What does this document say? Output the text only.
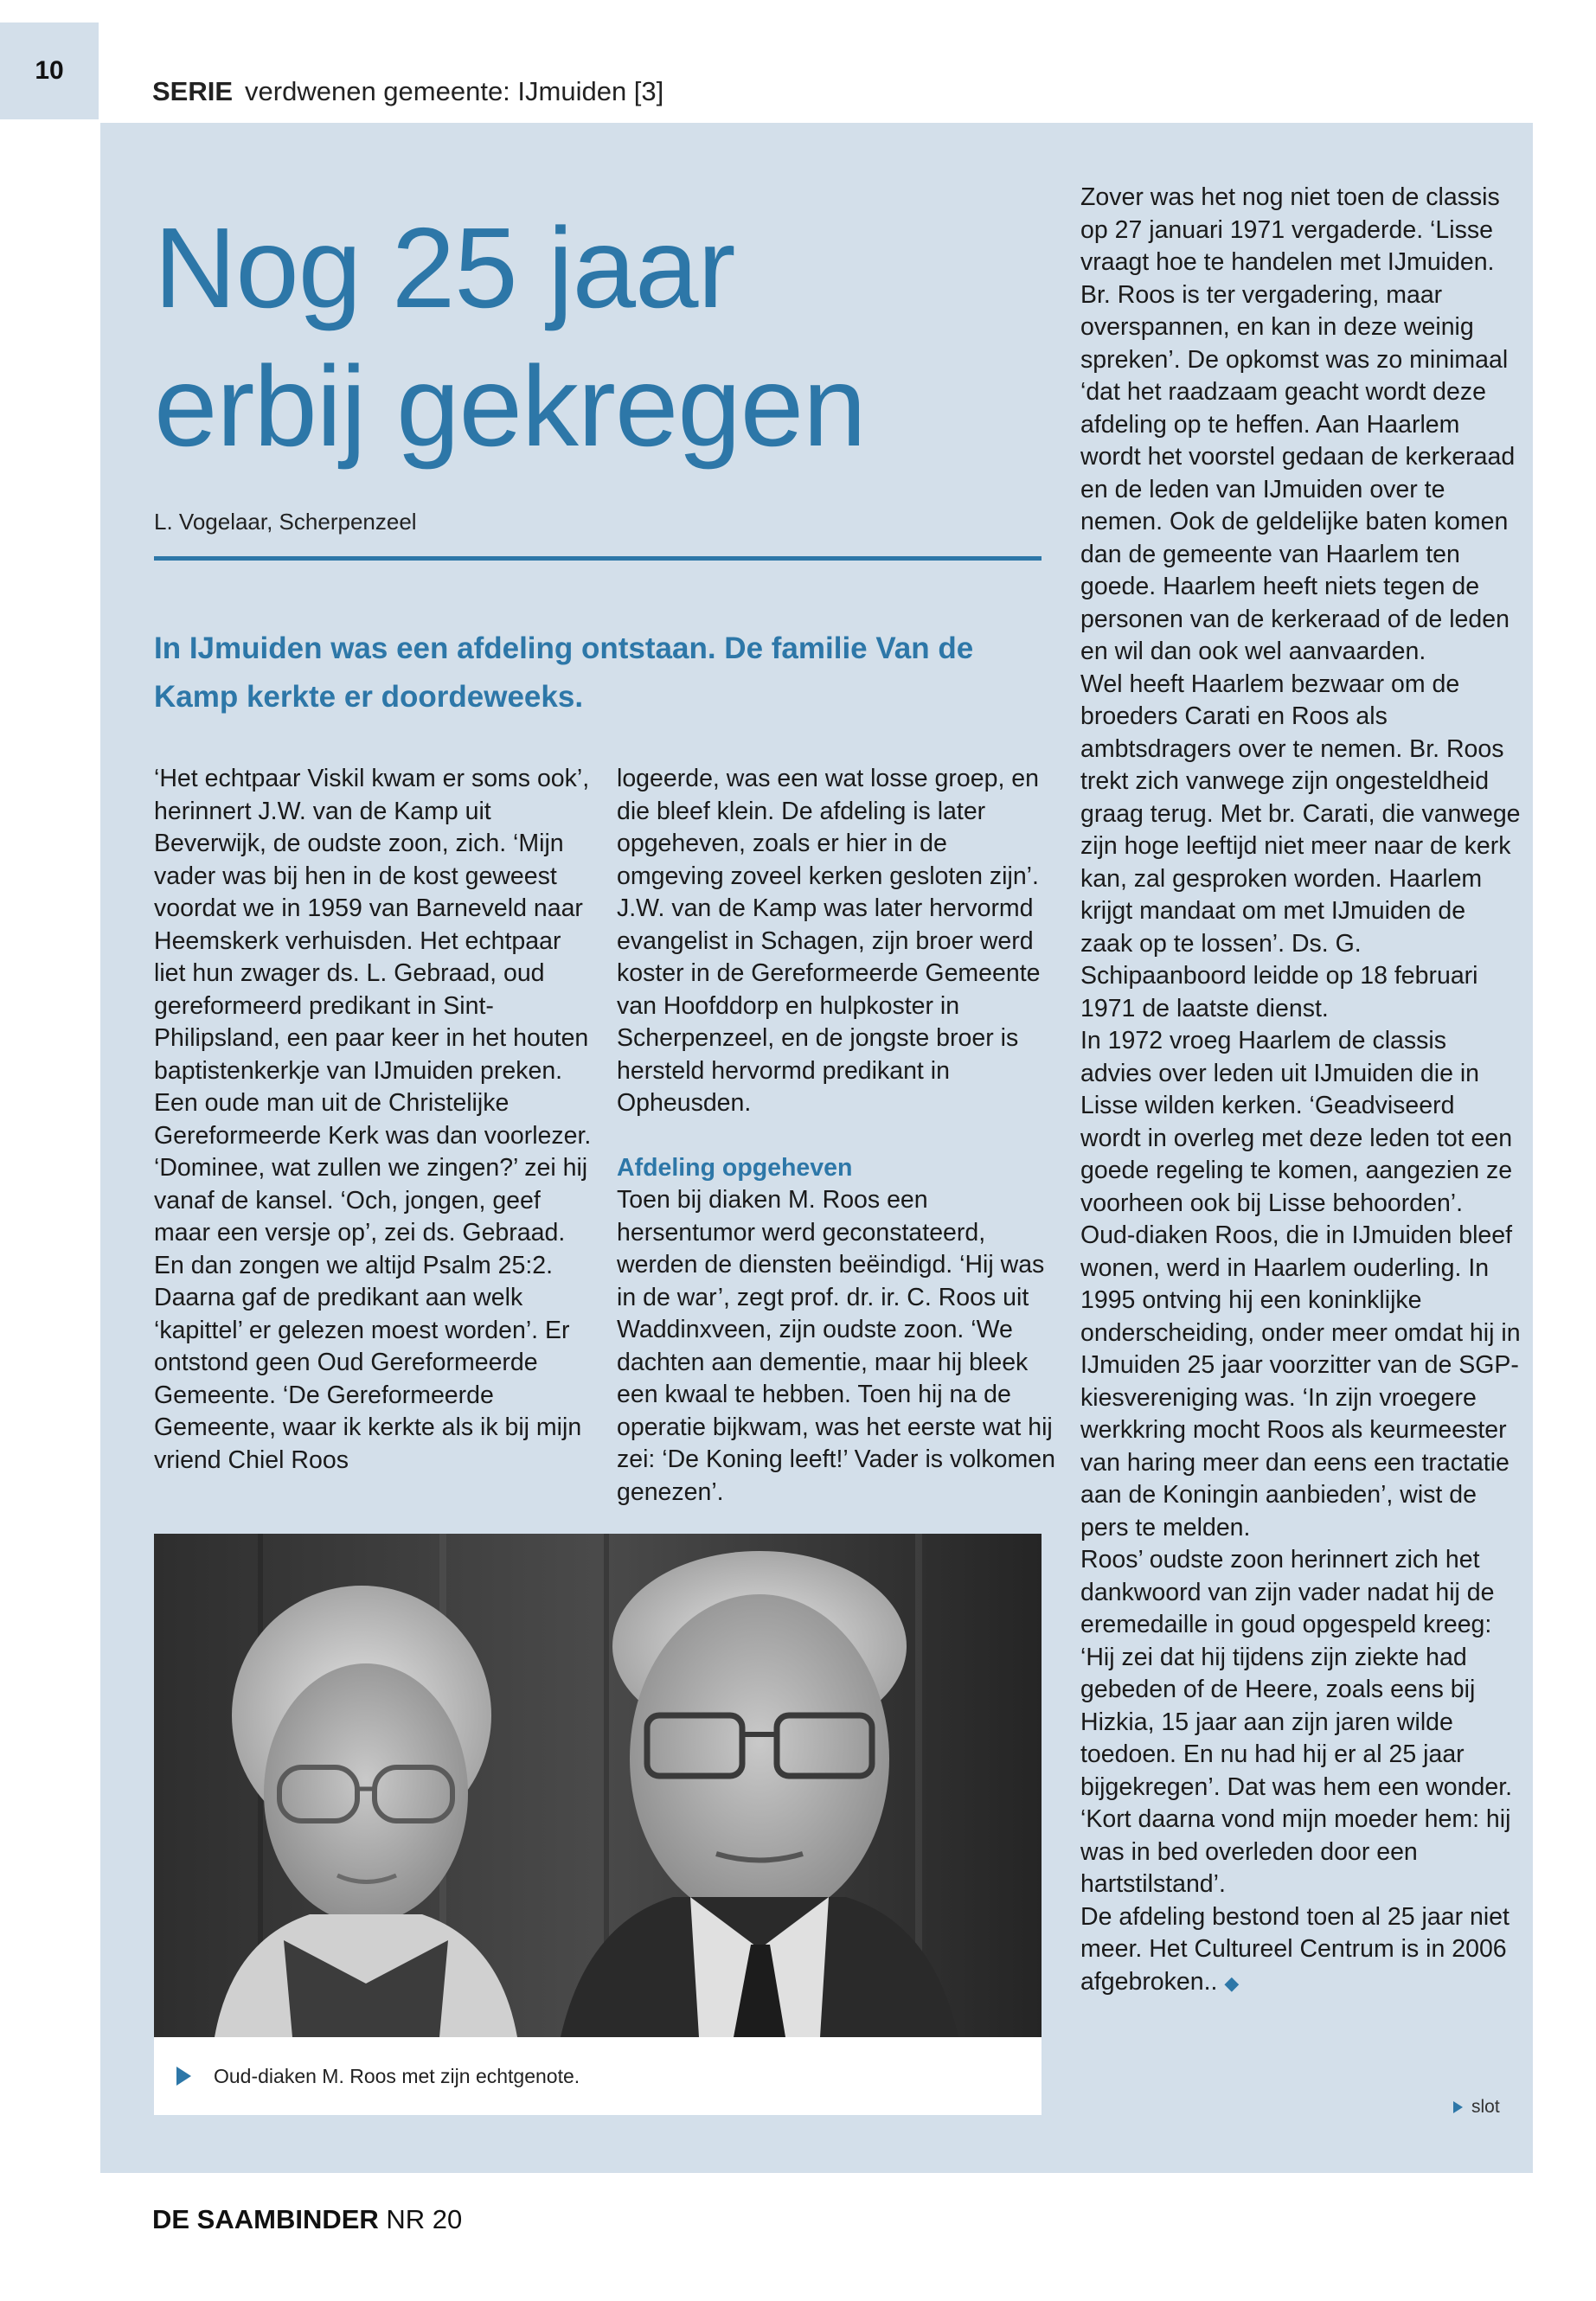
10
SERIE verdwenen gemeente: IJmuiden [3]
Nog 25 jaar
erbij gekregen
L. Vogelaar, Scherpenzeel
In IJmuiden was een afdeling ontstaan. De familie Van de Kamp kerkte er doordeweeks.

‘Het echtpaar Viskil kwam er soms ook’, herinnert J.W. van de Kamp uit Beverwijk, de oudste zoon, zich. ‘Mijn vader was bij hen in de kost geweest voordat we in 1959 van Barneveld naar Heemskerk verhuisden. Het echtpaar liet hun zwager ds. L. Gebraad, oud gereformeerd predikant in Sint-Philipsland, een paar keer in het houten baptistenkerkje van IJmuiden preken. Een oude man uit de Christelijke Gereformeerde Kerk was dan voorlezer. ‘Dominee, wat zullen we zingen?’ zei hij vanaf de kansel. ‘Och, jongen, geef maar een versje op’, zei ds. Gebraad. En dan zongen we altijd Psalm 25:2. Daarna gaf de predikant aan welk ‘kapittel’ er gelezen moest worden’. Er ontstond geen Oud Gereformeerde Gemeente. ‘De Gereformeerde Gemeente, waar ik kerkte als ik bij mijn vriend Chiel Roos

logeerde, was een wat losse groep, en die bleef klein. De afdeling is later opgeheven, zoals er hier in de omgeving zoveel kerken gesloten zijn’. J.W. van de Kamp was later hervormd evangelist in Schagen, zijn broer werd koster in de Gereformeerde Gemeente van Hoofddorp en hulpkoster in Scherpenzeel, en de jongste broer is hersteld hervormd predikant in Opheusden.

Afdeling opgeheven

Toen bij diaken M. Roos een hersentumor werd geconstateerd, werden de diensten beëindigd. ‘Hij was in de war’, zegt prof. dr. ir. C. Roos uit Waddinxveen, zijn oudste zoon. ‘We dachten aan dementie, maar hij bleek een kwaal te hebben. Toen hij na de operatie bijkwam, was het eerste wat hij zei: ‘De Koning leeft!’ Vader is volkomen genezen’.

Zover was het nog niet toen de classis op 27 januari 1971 vergaderde. ‘Lisse vraagt hoe te handelen met IJmuiden. Br. Roos is ter vergadering, maar overspannen, en kan in deze weinig spreken’. De opkomst was zo minimaal ‘dat het raadzaam geacht wordt deze afdeling op te heffen. Aan Haarlem wordt het voorstel gedaan de kerkeraad en de leden van IJmuiden over te nemen. Ook de geldelijke baten komen dan de gemeente van Haarlem ten goede. Haarlem heeft niets tegen de personen van de kerkeraad of de leden en wil dan ook wel aanvaarden.

Wel heeft Haarlem bezwaar om de broeders Carati en Roos als ambtsdragers over te nemen. Br. Roos trekt zich vanwege zijn ongesteldheid graag terug. Met br. Carati, die vanwege zijn hoge leeftijd niet meer naar de kerk kan, zal gesproken worden. Haarlem krijgt mandaat om met IJmuiden de zaak op te lossen’. Ds. G. Schipaanboord leidde op 18 februari 1971 de laatste dienst.

In 1972 vroeg Haarlem de classis advies over leden uit IJmuiden die in Lisse wilden kerken. ‘Geadviseerd wordt in overleg met deze leden tot een goede regeling te komen, aangezien ze voorheen ook bij Lisse behoorden’.

Oud-diaken Roos, die in IJmuiden bleef wonen, werd in Haarlem ouderling. In 1995 ontving hij een koninklijke onderscheiding, onder meer omdat hij in IJmuiden 25 jaar voorzitter van de SGP-kiesvereniging was. ‘In zijn vroegere werkkring mocht Roos als keurmeester van haring meer dan eens een tractatie aan de Koningin aanbieden’, wist de pers te melden.

Roos’ oudste zoon herinnert zich het dankwoord van zijn vader nadat hij de eremedaille in goud opgespeld kreeg: ‘Hij zei dat hij tijdens zijn ziekte had gebeden of de Heere, zoals eens bij Hizkia, 15 jaar aan zijn jaren wilde toedoen. En nu had hij er al 25 jaar bijgekregen’. Dat was hem een wonder. ‘Kort daarna vond mijn moeder hem: hij was in bed overleden door een hartstilstand’.

De afdeling bestond toen al 25 jaar niet meer. Het Cultureel Centrum is in 2006 afgebroken.. ◆

Oud-diaken M. Roos met zijn echtgenote.
slot
DE SAAMBINDER NR 20
